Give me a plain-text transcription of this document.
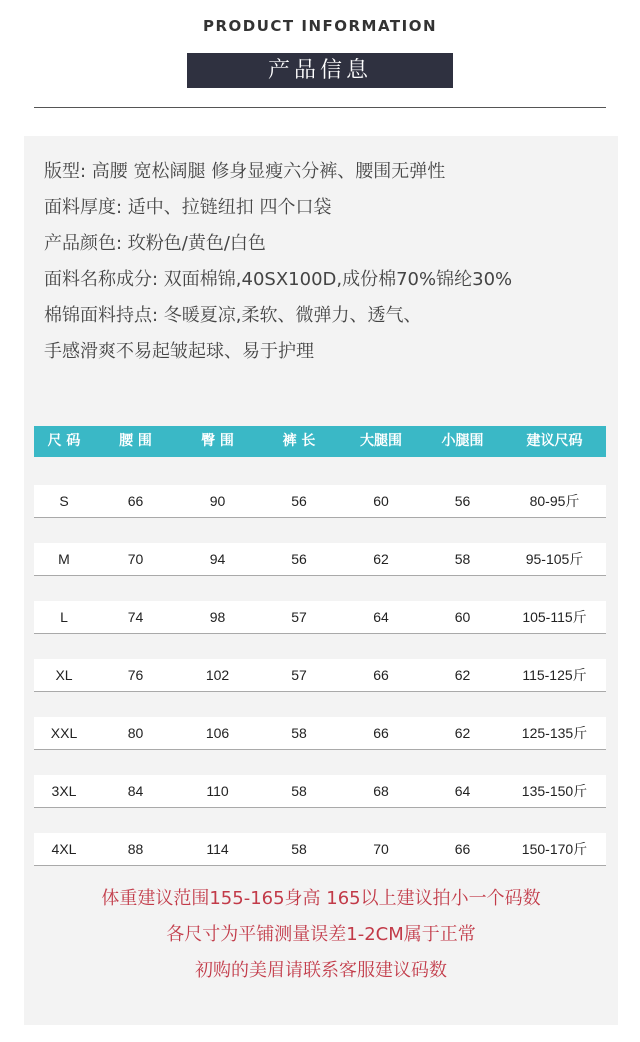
PRODUCT INFORMATION
产品信息
版型: 高腰 宽松阔腿 修身显瘦六分裤、腰围无弹性
面料厚度: 适中、拉链纽扣 四个口袋
产品颜色: 玫粉色/黄色/白色
面料名称成分: 双面棉锦,40SX100D,成份棉70%锦纶30%
棉锦面料持点: 冬暖夏凉,柔软、微弹力、透气、
手感滑爽不易起皱起球、易于护理
尺 码	腰 围	臀 围	裤 长	大腿围	小腿围	建议尺码
S	66	90	56	60	56	80-95斤
M	70	94	56	62	58	95-105斤
L	74	98	57	64	60	105-115斤
XL	76	102	57	66	62	115-125斤
XXL	80	106	58	66	62	125-135斤
3XL	84	110	58	68	64	135-150斤
4XL	88	114	58	70	66	150-170斤
体重建议范围155-165身高 165以上建议拍小一个码数
各尺寸为平铺测量误差1-2CM属于正常
初购的美眉请联系客服建议码数
